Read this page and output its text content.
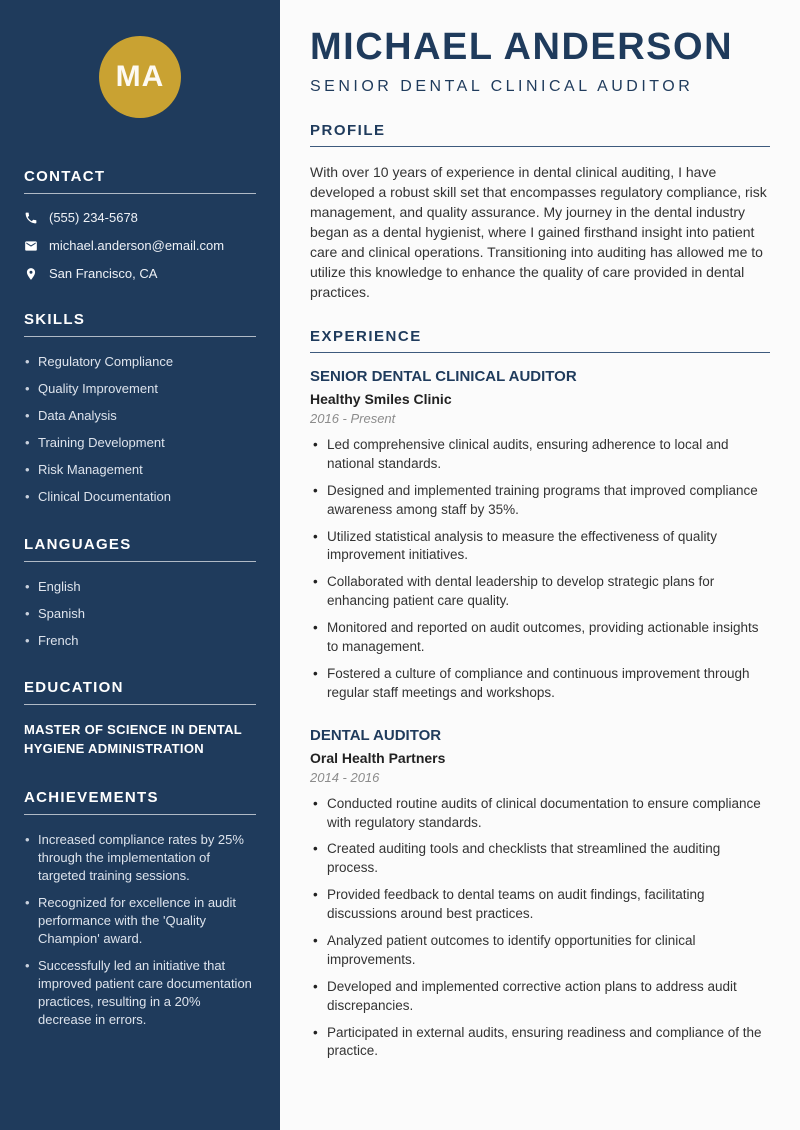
MA
CONTACT
(555) 234-5678
michael.anderson@email.com
San Francisco, CA
SKILLS
• Regulatory Compliance
• Quality Improvement
• Data Analysis
• Training Development
• Risk Management
• Clinical Documentation
LANGUAGES
• English
• Spanish
• French
EDUCATION
MASTER OF SCIENCE IN DENTAL HYGIENE ADMINISTRATION
ACHIEVEMENTS
• Increased compliance rates by 25% through the implementation of targeted training sessions.
• Recognized for excellence in audit performance with the 'Quality Champion' award.
• Successfully led an initiative that improved patient care documentation practices, resulting in a 20% decrease in errors.
MICHAEL ANDERSON
SENIOR DENTAL CLINICAL AUDITOR
PROFILE

With over 10 years of experience in dental clinical auditing, I have developed a robust skill set that encompasses regulatory compliance, risk management, and quality assurance. My journey in the dental industry began as a dental hygienist, where I gained firsthand insight into patient care and clinical operations. Transitioning into auditing has allowed me to utilize this knowledge to enhance the quality of care provided in dental practices.

EXPERIENCE
SENIOR DENTAL CLINICAL AUDITOR
Healthy Smiles Clinic
2016 - Present
• Led comprehensive clinical audits, ensuring adherence to local and national standards.
• Designed and implemented training programs that improved compliance awareness among staff by 35%.
• Utilized statistical analysis to measure the effectiveness of quality improvement initiatives.
• Collaborated with dental leadership to develop strategic plans for enhancing patient care quality.
• Monitored and reported on audit outcomes, providing actionable insights to management.
• Fostered a culture of compliance and continuous improvement through regular staff meetings and workshops.
DENTAL AUDITOR
Oral Health Partners
2014 - 2016
• Conducted routine audits of clinical documentation to ensure compliance with regulatory standards.
• Created auditing tools and checklists that streamlined the auditing process.
• Provided feedback to dental teams on audit findings, facilitating discussions around best practices.
• Analyzed patient outcomes to identify opportunities for clinical improvements.
• Developed and implemented corrective action plans to address audit discrepancies.
• Participated in external audits, ensuring readiness and compliance of the practice.
